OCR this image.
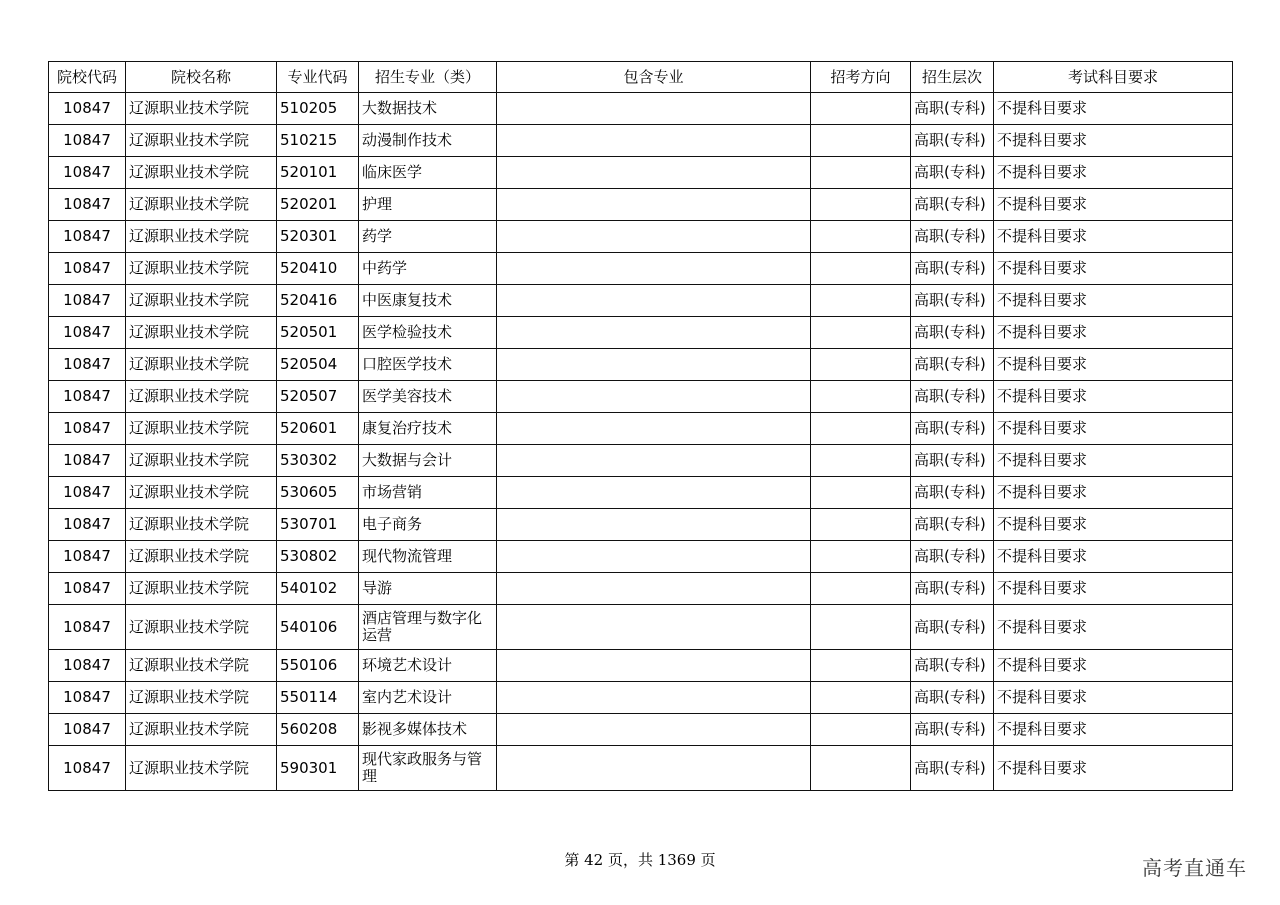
院校代码	院校名称	专业代码	招生专业（类）	包含专业	招考方向	招生层次	考试科目要求
10847	辽源职业技术学院	510205	大数据技术			高职(专科)	不提科目要求
10847	辽源职业技术学院	510215	动漫制作技术			高职(专科)	不提科目要求
10847	辽源职业技术学院	520101	临床医学			高职(专科)	不提科目要求
10847	辽源职业技术学院	520201	护理			高职(专科)	不提科目要求
10847	辽源职业技术学院	520301	药学			高职(专科)	不提科目要求
10847	辽源职业技术学院	520410	中药学			高职(专科)	不提科目要求
10847	辽源职业技术学院	520416	中医康复技术			高职(专科)	不提科目要求
10847	辽源职业技术学院	520501	医学检验技术			高职(专科)	不提科目要求
10847	辽源职业技术学院	520504	口腔医学技术			高职(专科)	不提科目要求
10847	辽源职业技术学院	520507	医学美容技术			高职(专科)	不提科目要求
10847	辽源职业技术学院	520601	康复治疗技术			高职(专科)	不提科目要求
10847	辽源职业技术学院	530302	大数据与会计			高职(专科)	不提科目要求
10847	辽源职业技术学院	530605	市场营销			高职(专科)	不提科目要求
10847	辽源职业技术学院	530701	电子商务			高职(专科)	不提科目要求
10847	辽源职业技术学院	530802	现代物流管理			高职(专科)	不提科目要求
10847	辽源职业技术学院	540102	导游			高职(专科)	不提科目要求
10847	辽源职业技术学院	540106	酒店管理与数字化运营			高职(专科)	不提科目要求
10847	辽源职业技术学院	550106	环境艺术设计			高职(专科)	不提科目要求
10847	辽源职业技术学院	550114	室内艺术设计			高职(专科)	不提科目要求
10847	辽源职业技术学院	560208	影视多媒体技术			高职(专科)	不提科目要求
10847	辽源职业技术学院	590301	现代家政服务与管理			高职(专科)	不提科目要求
第 42 页，共 1369 页	高考直通车
